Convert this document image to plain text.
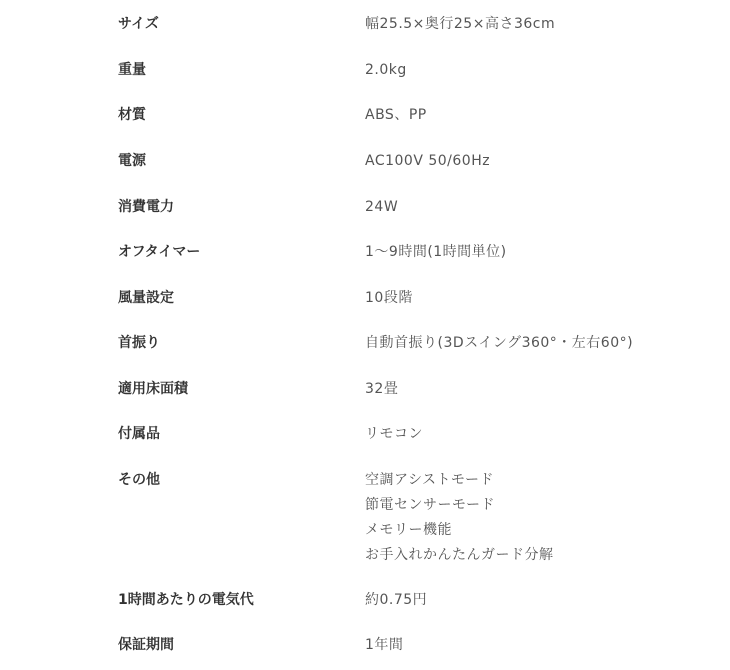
サイズ	幅25.5×奥行25×高さ36cm
重量	2.0kg
材質	ABS、PP
電源	AC100V 50/60Hz
消費電力	24W
オフタイマー	1～9時間(1時間単位)
風量設定	10段階
首振り	自動首振り(3Dスイング360°・左右60°)
適用床面積	32畳
付属品	リモコン
その他	空調アシストモード
節電センサーモード
メモリー機能
お手入れかんたんガード分解
1時間あたりの電気代	約0.75円
保証期間	1年間
